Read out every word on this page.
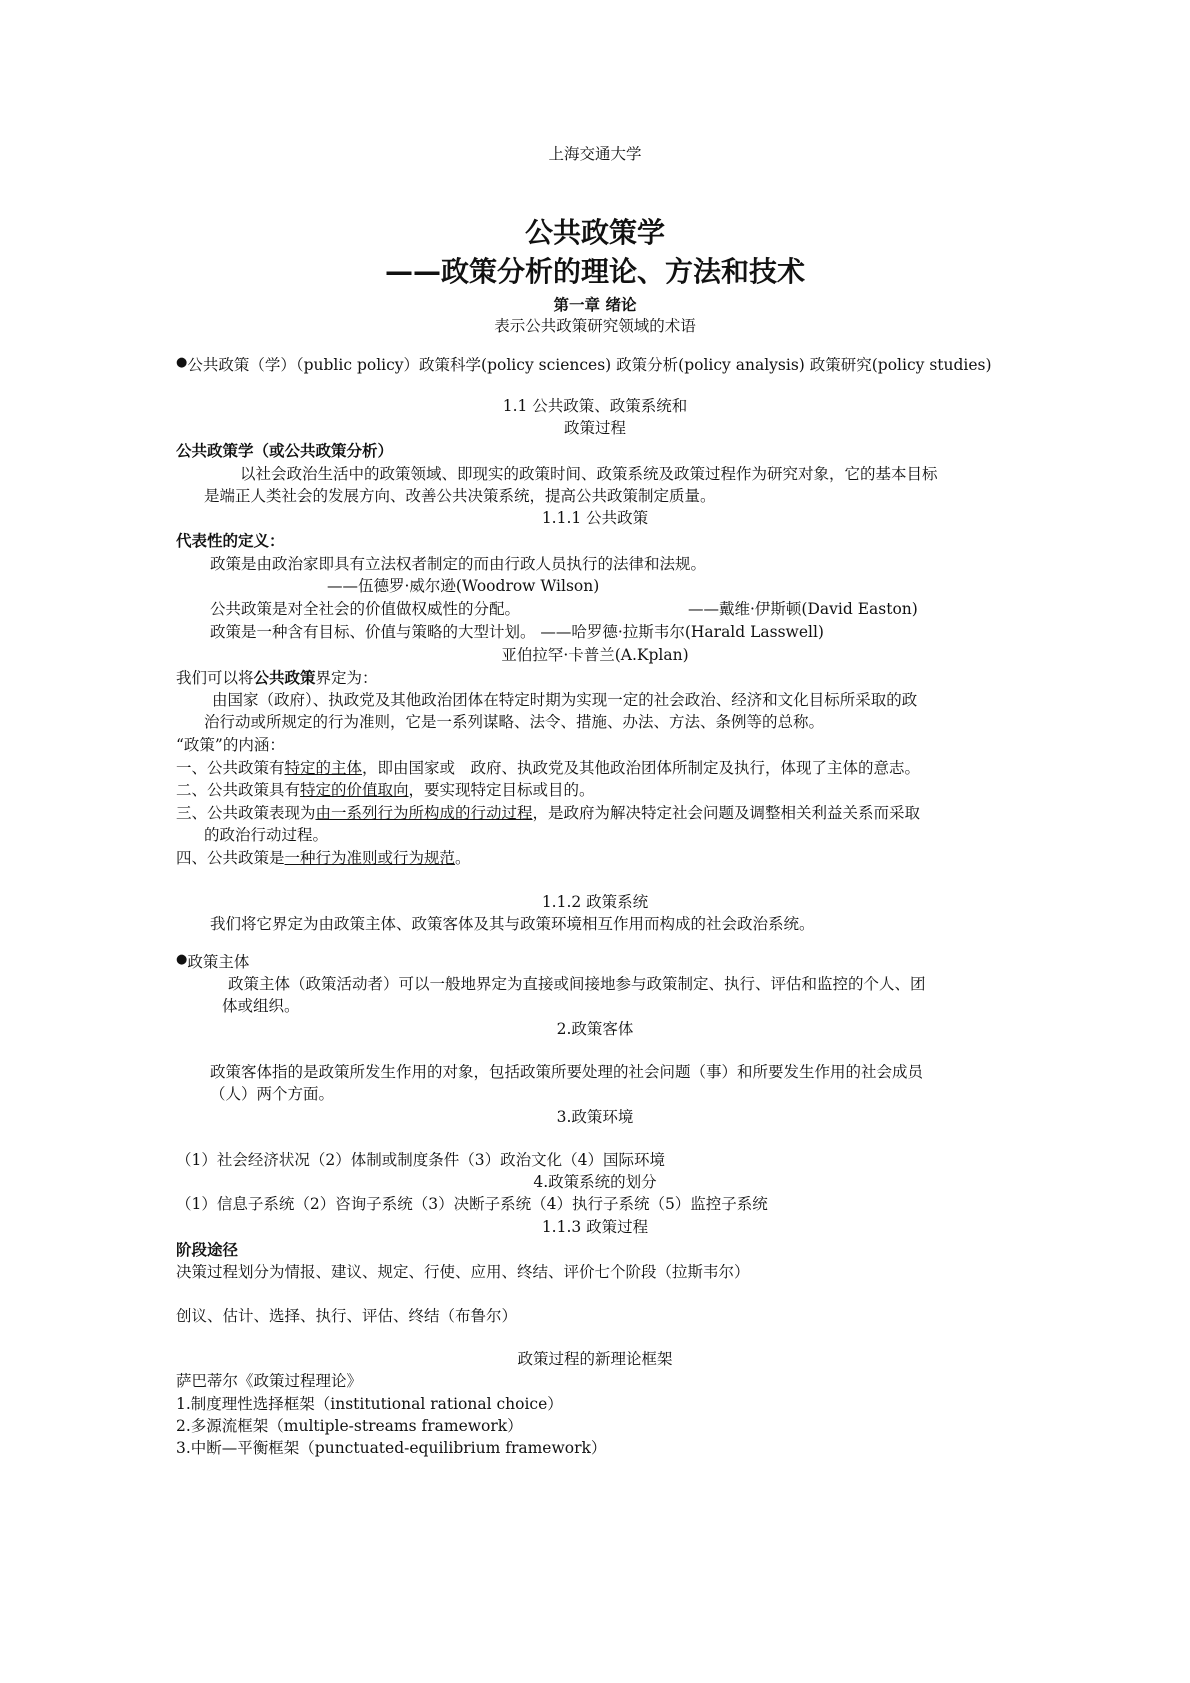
上海交通大学
公共政策学
——政策分析的理论、方法和技术
第一章 绪论
表示公共政策研究领域的术语
●公共政策（学）（public policy）政策科学(policy sciences) 政策分析(policy analysis) 政策研究(policy studies)
1.1 公共政策、政策系统和
政策过程
公共政策学（或公共政策分析）
以社会政治生活中的政策领域、即现实的政策时间、政策系统及政策过程作为研究对象，它的基本目标
是端正人类社会的发展方向、改善公共决策系统，提高公共政策制定质量。
1.1.1 公共政策
代表性的定义：
政策是由政治家即具有立法权者制定的而由行政人员执行的法律和法规。
——伍德罗·威尔逊(Woodrow Wilson)
公共政策是对全社会的价值做权威性的分配。	——戴维·伊斯顿(David Easton)
政策是一种含有目标、价值与策略的大型计划。 ——哈罗德·拉斯韦尔(Harald Lasswell)
亚伯拉罕·卡普兰(A.Kplan)
我们可以将公共政策界定为：
由国家（政府）、执政党及其他政治团体在特定时期为实现一定的社会政治、经济和文化目标所采取的政
治行动或所规定的行为准则，它是一系列谋略、法令、措施、办法、方法、条例等的总称。
“政策”的内涵：
一、公共政策有特定的主体，即由国家或　政府、执政党及其他政治团体所制定及执行，体现了主体的意志。
二、公共政策具有特定的价值取向，要实现特定目标或目的。
三、公共政策表现为由一系列行为所构成的行动过程，是政府为解决特定社会问题及调整相关利益关系而采取
的政治行动过程。
四、公共政策是一种行为准则或行为规范。
1.1.2 政策系统
我们将它界定为由政策主体、政策客体及其与政策环境相互作用而构成的社会政治系统。
●政策主体
政策主体（政策活动者）可以一般地界定为直接或间接地参与政策制定、执行、评估和监控的个人、团
体或组织。
2.政策客体
政策客体指的是政策所发生作用的对象，包括政策所要处理的社会问题（事）和所要发生作用的社会成员
（人）两个方面。
3.政策环境
（1）社会经济状况（2）体制或制度条件（3）政治文化（4）国际环境
4.政策系统的划分
（1）信息子系统（2）咨询子系统（3）决断子系统（4）执行子系统（5）监控子系统
1.1.3 政策过程
阶段途径
决策过程划分为情报、建议、规定、行使、应用、终结、评价七个阶段（拉斯韦尔）
创议、估计、选择、执行、评估、终结（布鲁尔）
政策过程的新理论框架
萨巴蒂尔《政策过程理论》
1.制度理性选择框架（institutional rational choice）
2.多源流框架（multiple-streams framework）
3.中断—平衡框架（punctuated-equilibrium framework）
